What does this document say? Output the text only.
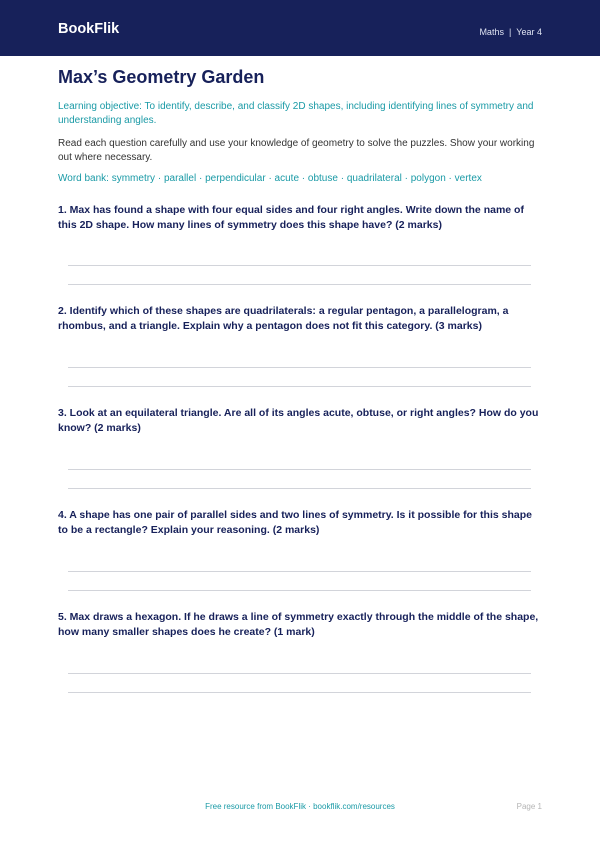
BookFlik	Maths | Year 4
Max’s Geometry Garden

Learning objective: To identify, describe, and classify 2D shapes, including identifying lines of symmetry and understanding angles.

Read each question carefully and use your knowledge of geometry to solve the puzzles. Show your working out where necessary.

Word bank: symmetry · parallel · perpendicular · acute · obtuse · quadrilateral · polygon · vertex

1. Max has found a shape with four equal sides and four right angles. Write down the name of this 2D shape. How many lines of symmetry does this shape have? (2 marks)

2. Identify which of these shapes are quadrilaterals: a regular pentagon, a parallelogram, a rhombus, and a triangle. Explain why a pentagon does not fit this category. (3 marks)

3. Look at an equilateral triangle. Are all of its angles acute, obtuse, or right angles? How do you know? (2 marks)

4. A shape has one pair of parallel sides and two lines of symmetry. Is it possible for this shape to be a rectangle? Explain your reasoning. (2 marks)

5. Max draws a hexagon. If he draws a line of symmetry exactly through the middle of the shape, how many smaller shapes does he create? (1 mark)

Free resource from BookFlik · bookflik.com/resources	Page 1
